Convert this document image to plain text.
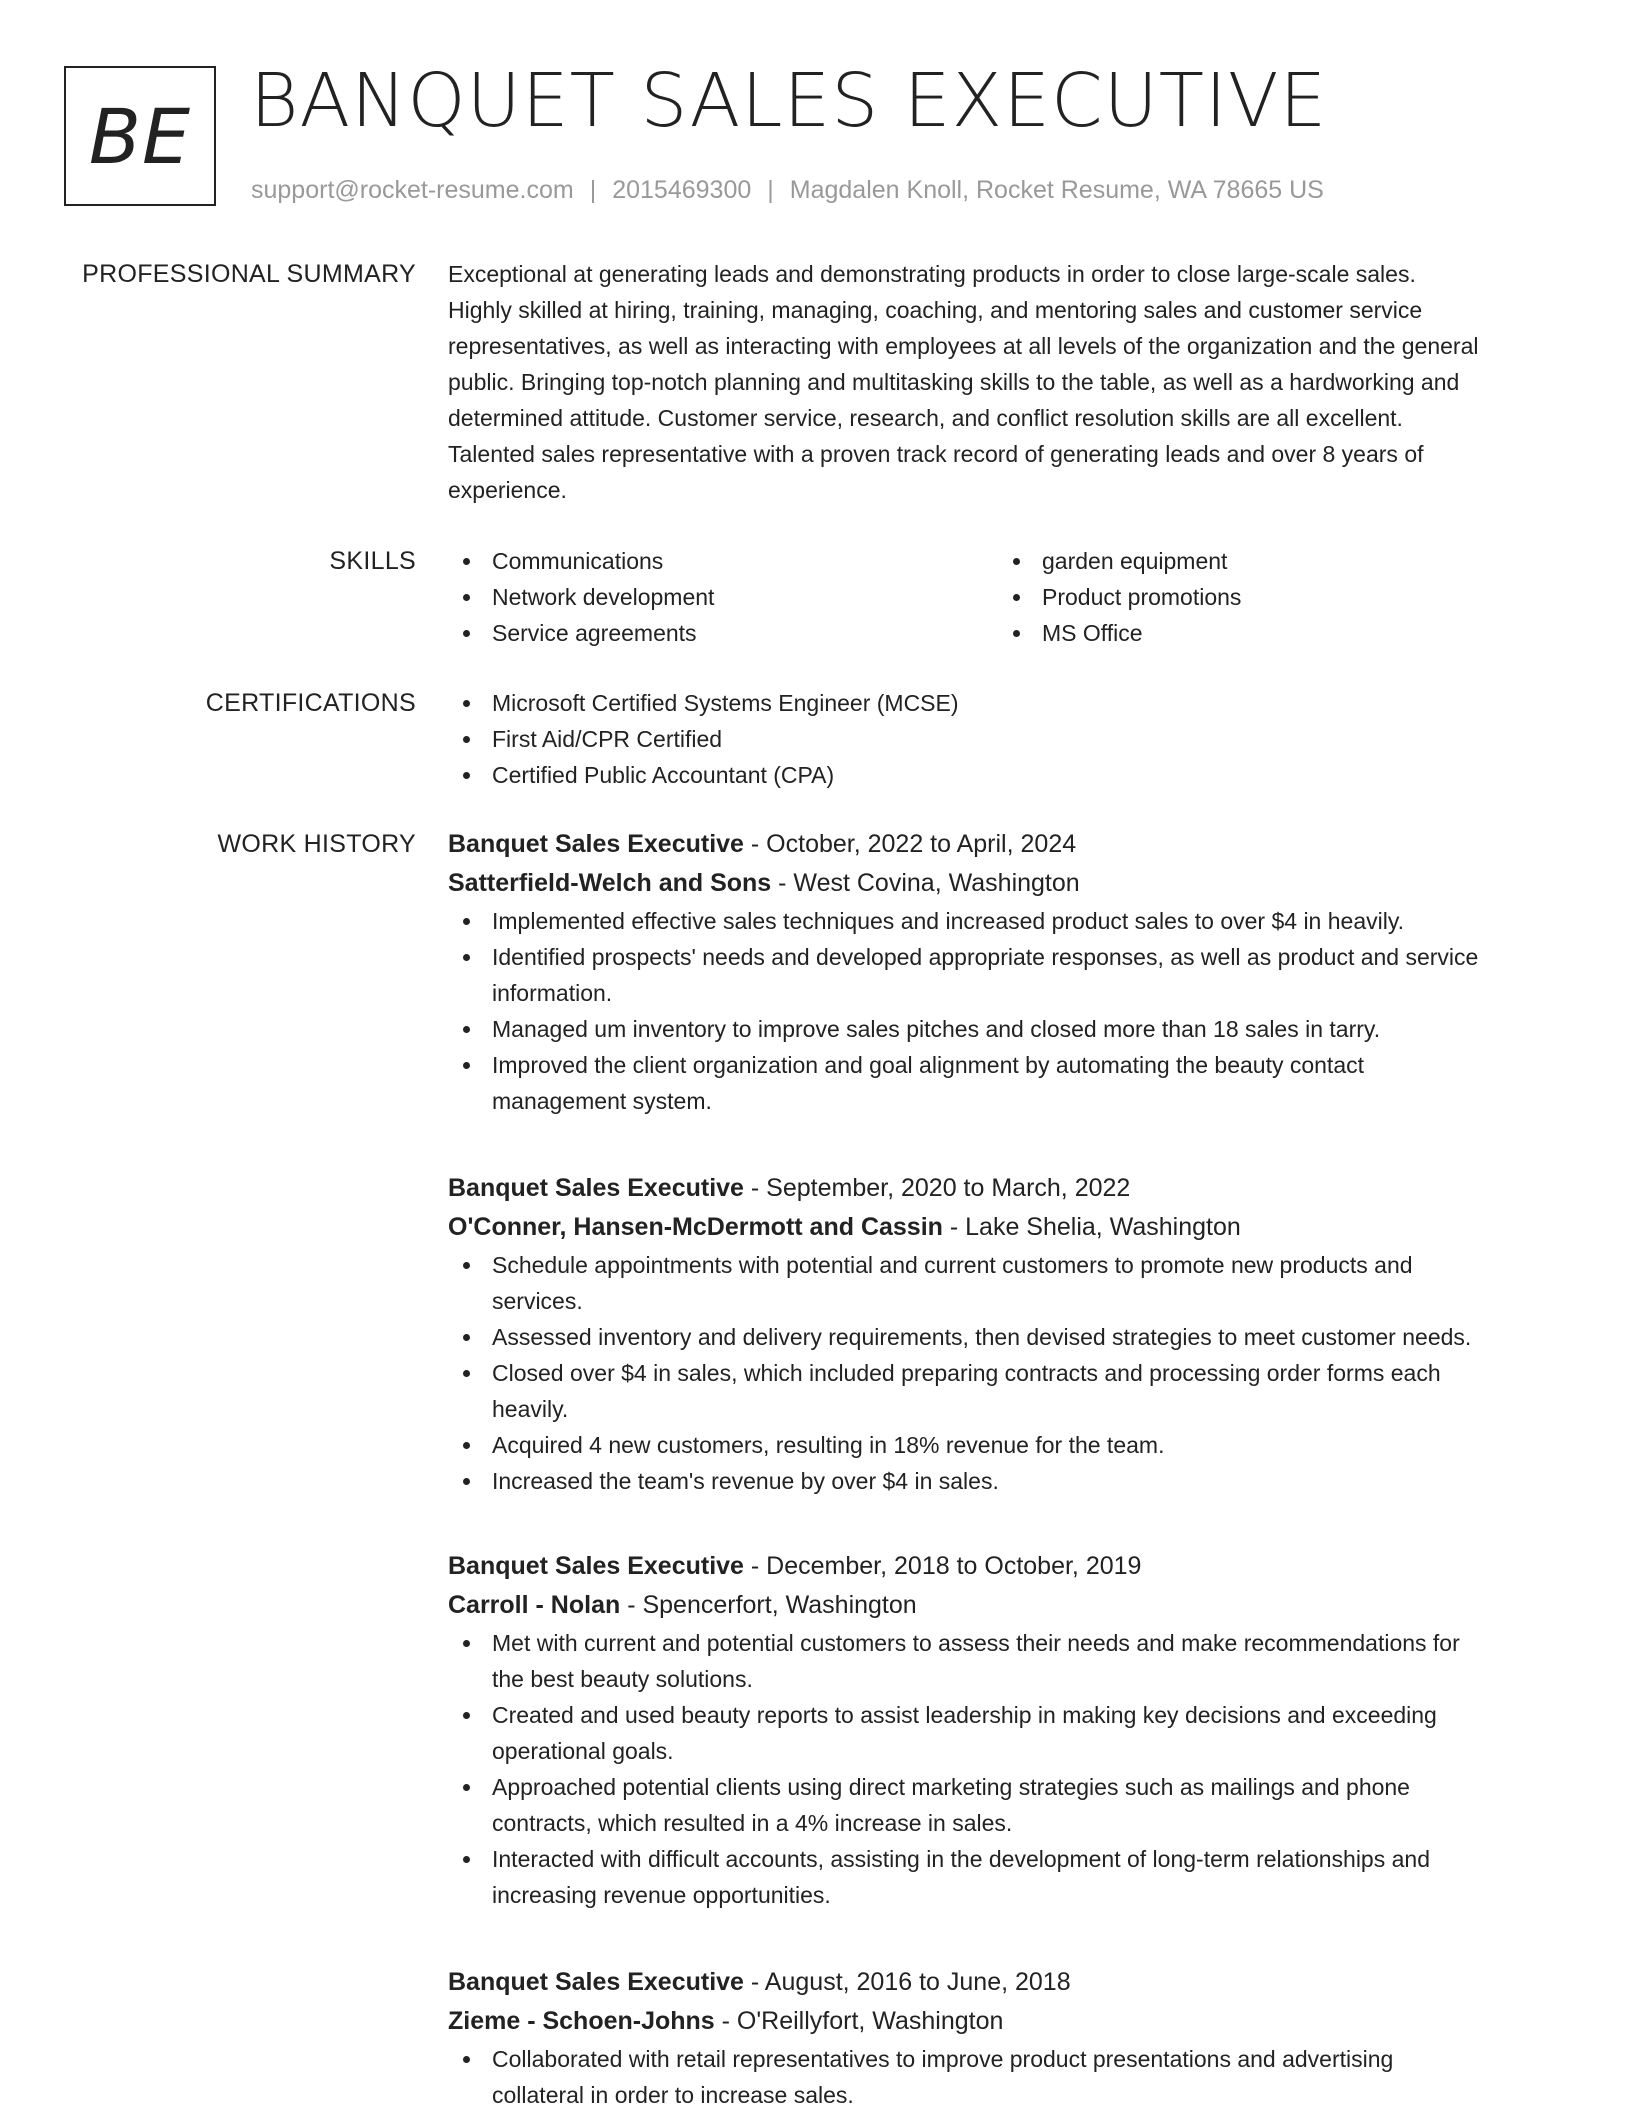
BE BANQUET SALES EXECUTIVE
support@rocket-resume.com | 2015469300 | Magdalen Knoll, Rocket Resume, WA 78665 US
PROFESSIONAL SUMMARY Exceptional at generating leads and demonstrating products in order to close large-scale sales.
Highly skilled at hiring, training, managing, coaching, and mentoring sales and customer service
representatives, as well as interacting with employees at all levels of the organization and the general
public. Bringing top-notch planning and multitasking skills to the table, as well as a hardworking and
determined attitude. Customer service, research, and conflict resolution skills are all excellent.
Talented sales representative with a proven track record of generating leads and over 8 years of
experience.
SKILLS	Communications
Network development
Service agreements
garden equipment
Product promotions
MS Office
CERTIFICATIONS	Microsoft Certified Systems Engineer (MCSE)
First Aid/CPR Certified
Certified Public Accountant (CPA)
WORK HISTORY Banquet Sales Executive - October, 2022 to April, 2024
Satterfield-Welch and Sons - West Covina, Washington
Implemented effective sales techniques and increased product sales to over $4 in heavily.
Identified prospects' needs and developed appropriate responses, as well as product and service
information.
Managed um inventory to improve sales pitches and closed more than 18 sales in tarry.
Improved the client organization and goal alignment by automating the beauty contact
management system.
Banquet Sales Executive - September, 2020 to March, 2022
O'Conner, Hansen-McDermott and Cassin - Lake Shelia, Washington
Schedule appointments with potential and current customers to promote new products and
services.
Assessed inventory and delivery requirements, then devised strategies to meet customer needs.
Closed over $4 in sales, which included preparing contracts and processing order forms each
heavily.
Acquired 4 new customers, resulting in 18% revenue for the team.
Increased the team's revenue by over $4 in sales.
Banquet Sales Executive - December, 2018 to October, 2019
Carroll - Nolan - Spencerfort, Washington
Met with current and potential customers to assess their needs and make recommendations for
the best beauty solutions.
Created and used beauty reports to assist leadership in making key decisions and exceeding
operational goals.
Approached potential clients using direct marketing strategies such as mailings and phone
contracts, which resulted in a 4% increase in sales.
Interacted with difficult accounts, assisting in the development of long-term relationships and
increasing revenue opportunities.
Banquet Sales Executive - August, 2016 to June, 2018
Zieme - Schoen-Johns - O'Reillyfort, Washington
Collaborated with retail representatives to improve product presentations and advertising
collateral in order to increase sales.
